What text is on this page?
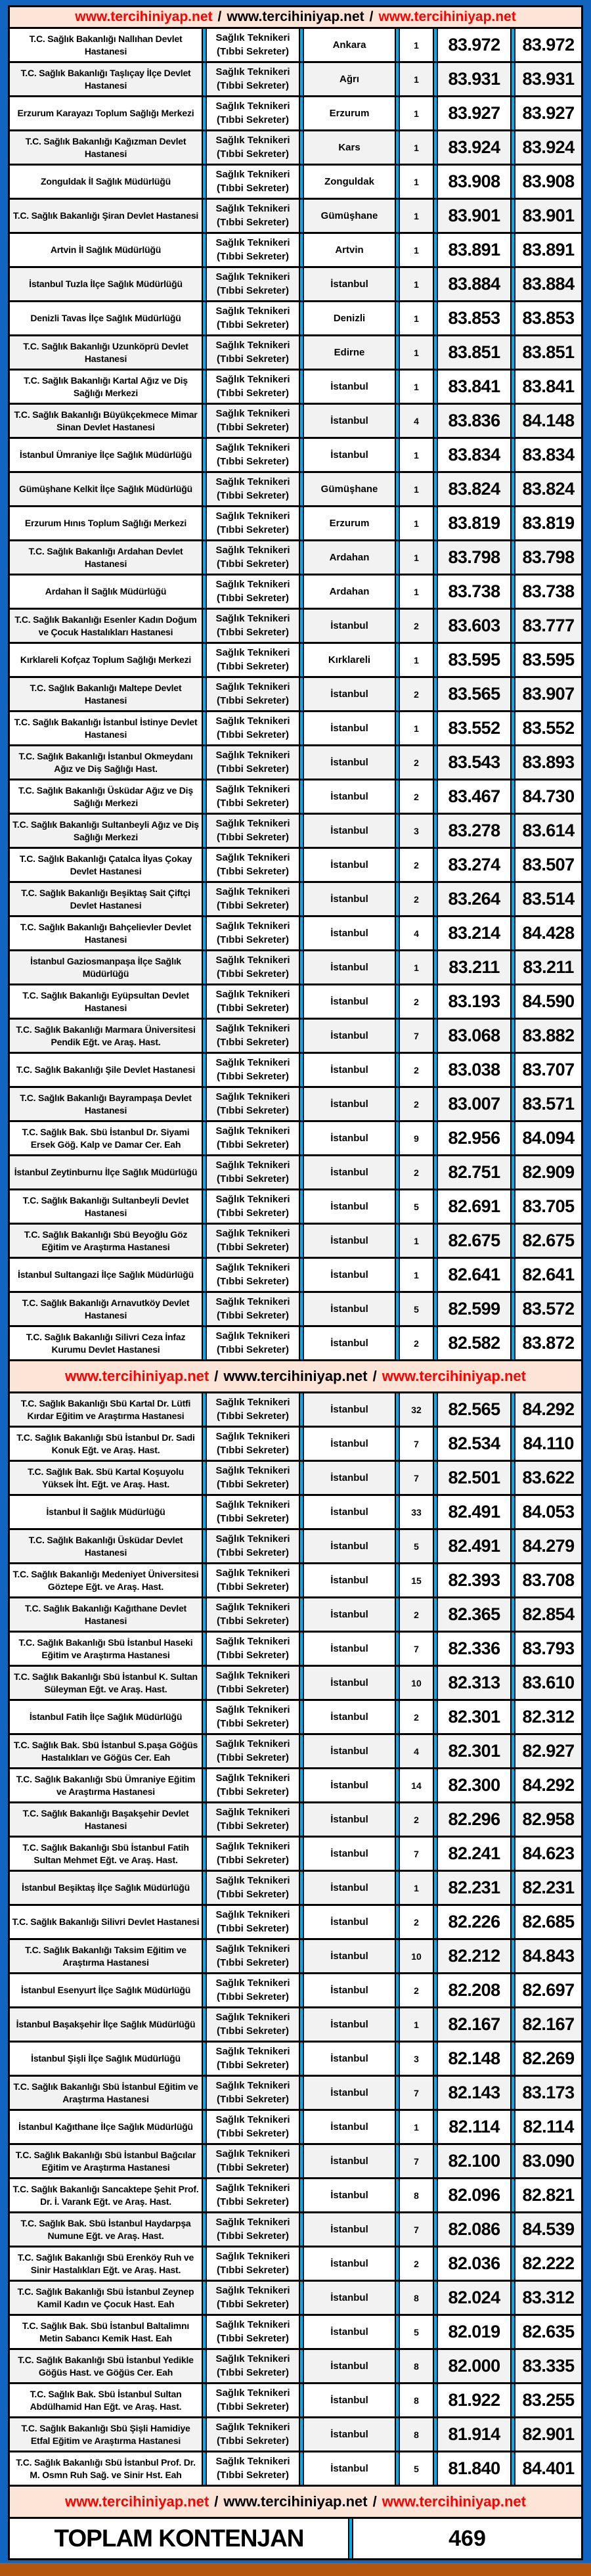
www.tercihiniyap.net / www.tercihiniyap.net / www.tercihiniyap.net
T.C. Sağlık Bakanlığı Nallıhan Devlet Hastanesi
Sağlık Teknikeri
(Tıbbi Sekreter)
Ankara	1	83.972	83.972
T.C. Sağlık Bakanlığı Taşlıçay İlçe Devlet Hastanesi
Sağlık Teknikeri
(Tıbbi Sekreter)
Ağrı	1	83.931	83.931
Erzurum Karayazı Toplum Sağlığı Merkezi
Sağlık Teknikeri
(Tıbbi Sekreter)
Erzurum	1	83.927	83.927
T.C. Sağlık Bakanlığı Kağızman Devlet Hastanesi
Sağlık Teknikeri
(Tıbbi Sekreter)
Kars	1	83.924	83.924
Zonguldak İl Sağlık Müdürlüğü
Sağlık Teknikeri
(Tıbbi Sekreter)
Zonguldak	1	83.908	83.908
T.C. Sağlık Bakanlığı Şiran Devlet Hastanesi
Sağlık Teknikeri
(Tıbbi Sekreter)
Gümüşhane	1	83.901	83.901
Artvin İl Sağlık Müdürlüğü
Sağlık Teknikeri
(Tıbbi Sekreter)
Artvin	1	83.891	83.891
İstanbul Tuzla İlçe Sağlık Müdürlüğü
Sağlık Teknikeri
(Tıbbi Sekreter)
İstanbul	1	83.884	83.884
Denizli Tavas İlçe Sağlık Müdürlüğü
Sağlık Teknikeri
(Tıbbi Sekreter)
Denizli	1	83.853	83.853
T.C. Sağlık Bakanlığı Uzunköprü Devlet Hastanesi
Sağlık Teknikeri
(Tıbbi Sekreter)
Edirne	1	83.851	83.851
T.C. Sağlık Bakanlığı Kartal Ağız ve Diş Sağlığı Merkezi
Sağlık Teknikeri
(Tıbbi Sekreter)
İstanbul	1	83.841	83.841
T.C. Sağlık Bakanlığı Büyükçekmece Mimar Sinan Devlet Hastanesi
Sağlık Teknikeri
(Tıbbi Sekreter)
İstanbul	4	83.836	84.148
İstanbul Ümraniye İlçe Sağlık Müdürlüğü
Sağlık Teknikeri
(Tıbbi Sekreter)
İstanbul	1	83.834	83.834
Gümüşhane Kelkit İlçe Sağlık Müdürlüğü
Sağlık Teknikeri
(Tıbbi Sekreter)
Gümüşhane	1	83.824	83.824
Erzurum Hınıs Toplum Sağlığı Merkezi
Sağlık Teknikeri
(Tıbbi Sekreter)
Erzurum	1	83.819	83.819
T.C. Sağlık Bakanlığı Ardahan Devlet Hastanesi
Sağlık Teknikeri
(Tıbbi Sekreter)
Ardahan	1	83.798	83.798
Ardahan İl Sağlık Müdürlüğü
Sağlık Teknikeri
(Tıbbi Sekreter)
Ardahan	1	83.738	83.738
T.C. Sağlık Bakanlığı Esenler Kadın Doğum ve Çocuk Hastalıkları Hastanesi
Sağlık Teknikeri
(Tıbbi Sekreter)
İstanbul	2	83.603	83.777
Kırklareli Kofçaz Toplum Sağlığı Merkezi
Sağlık Teknikeri
(Tıbbi Sekreter)
Kırklareli	1	83.595	83.595
T.C. Sağlık Bakanlığı Maltepe Devlet Hastanesi
Sağlık Teknikeri
(Tıbbi Sekreter)
İstanbul	2	83.565	83.907
T.C. Sağlık Bakanlığı İstanbul İstinye Devlet Hastanesi
Sağlık Teknikeri
(Tıbbi Sekreter)
İstanbul	1	83.552	83.552
T.C. Sağlık Bakanlığı İstanbul Okmeydanı Ağız ve Diş Sağlığı Hast.
Sağlık Teknikeri
(Tıbbi Sekreter)
İstanbul	2	83.543	83.893
T.C. Sağlık Bakanlığı Üsküdar Ağız ve Diş Sağlığı Merkezi
Sağlık Teknikeri
(Tıbbi Sekreter)
İstanbul	2	83.467	84.730
T.C. Sağlık Bakanlığı Sultanbeyli Ağız ve Diş Sağlığı Merkezi
Sağlık Teknikeri
(Tıbbi Sekreter)
İstanbul	3	83.278	83.614
T.C. Sağlık Bakanlığı Çatalca İlyas Çokay Devlet Hastanesi
Sağlık Teknikeri
(Tıbbi Sekreter)
İstanbul	2	83.274	83.507
T.C. Sağlık Bakanlığı Beşiktaş Sait Çiftçi Devlet Hastanesi
Sağlık Teknikeri
(Tıbbi Sekreter)
İstanbul	2	83.264	83.514
T.C. Sağlık Bakanlığı Bahçelievler Devlet Hastanesi
Sağlık Teknikeri
(Tıbbi Sekreter)
İstanbul	4	83.214	84.428
İstanbul Gaziosmanpaşa İlçe Sağlık Müdürlüğü
Sağlık Teknikeri
(Tıbbi Sekreter)
İstanbul	1	83.211	83.211
T.C. Sağlık Bakanlığı Eyüpsultan Devlet Hastanesi
Sağlık Teknikeri
(Tıbbi Sekreter)
İstanbul	2	83.193	84.590
T.C. Sağlık Bakanlığı Marmara Üniversitesi Pendik Eğt. ve Araş. Hast.
Sağlık Teknikeri
(Tıbbi Sekreter)
İstanbul	7	83.068	83.882
T.C. Sağlık Bakanlığı Şile Devlet Hastanesi
Sağlık Teknikeri
(Tıbbi Sekreter)
İstanbul	2	83.038	83.707
T.C. Sağlık Bakanlığı Bayrampaşa Devlet Hastanesi
Sağlık Teknikeri
(Tıbbi Sekreter)
İstanbul	2	83.007	83.571
T.C. Sağlık Bak. Sbü İstanbul Dr. Siyami Ersek Göğ. Kalp ve Damar Cer. Eah
Sağlık Teknikeri
(Tıbbi Sekreter)
İstanbul	9	82.956	84.094
İstanbul Zeytinburnu İlçe Sağlık Müdürlüğü
Sağlık Teknikeri
(Tıbbi Sekreter)
İstanbul	2	82.751	82.909
T.C. Sağlık Bakanlığı Sultanbeyli Devlet Hastanesi
Sağlık Teknikeri
(Tıbbi Sekreter)
İstanbul	5	82.691	83.705
T.C. Sağlık Bakanlığı Sbü Beyoğlu Göz Eğitim ve Araştırma Hastanesi
Sağlık Teknikeri
(Tıbbi Sekreter)
İstanbul	1	82.675	82.675
İstanbul Sultangazi İlçe Sağlık Müdürlüğü
Sağlık Teknikeri
(Tıbbi Sekreter)
İstanbul	1	82.641	82.641
T.C. Sağlık Bakanlığı Arnavutköy Devlet Hastanesi
Sağlık Teknikeri
(Tıbbi Sekreter)
İstanbul	5	82.599	83.572
T.C. Sağlık Bakanlığı Silivri Ceza İnfaz Kurumu Devlet Hastanesi
Sağlık Teknikeri
(Tıbbi Sekreter)
İstanbul	2	82.582	83.872
www.tercihiniyap.net / www.tercihiniyap.net / www.tercihiniyap.net
T.C. Sağlık Bakanlığı Sbü Kartal Dr. Lütfi Kırdar Eğitim ve Araştırma Hastanesi
Sağlık Teknikeri
(Tıbbi Sekreter)
İstanbul	32	82.565	84.292
T.C. Sağlık Bakanlığı Sbü İstanbul Dr. Sadi Konuk Eğt. ve Araş. Hast.
Sağlık Teknikeri
(Tıbbi Sekreter)
İstanbul	7	82.534	84.110
T.C. Sağlık Bak. Sbü Kartal Koşuyolu Yüksek İht. Eğt. ve Araş. Hast.
Sağlık Teknikeri
(Tıbbi Sekreter)
İstanbul	7	82.501	83.622
İstanbul İl Sağlık Müdürlüğü
Sağlık Teknikeri
(Tıbbi Sekreter)
İstanbul	33	82.491	84.053
T.C. Sağlık Bakanlığı Üsküdar Devlet Hastanesi
Sağlık Teknikeri
(Tıbbi Sekreter)
İstanbul	5	82.491	84.279
T.C. Sağlık Bakanlığı Medeniyet Üniversitesi Göztepe Eğt. ve Araş. Hast.
Sağlık Teknikeri
(Tıbbi Sekreter)
İstanbul	15	82.393	83.708
T.C. Sağlık Bakanlığı Kağıthane Devlet Hastanesi
Sağlık Teknikeri
(Tıbbi Sekreter)
İstanbul	2	82.365	82.854
T.C. Sağlık Bakanlığı Sbü İstanbul Haseki Eğitim ve Araştırma Hastanesi
Sağlık Teknikeri
(Tıbbi Sekreter)
İstanbul	7	82.336	83.793
T.C. Sağlık Bakanlığı Sbü İstanbul K. Sultan Süleyman Eğt. ve Araş. Hast.
Sağlık Teknikeri
(Tıbbi Sekreter)
İstanbul	10	82.313	83.610
İstanbul Fatih İlçe Sağlık Müdürlüğü
Sağlık Teknikeri
(Tıbbi Sekreter)
İstanbul	2	82.301	82.312
T.C. Sağlık Bak. Sbü İstanbul S.paşa Göğüs Hastalıkları ve Göğüs Cer. Eah
Sağlık Teknikeri
(Tıbbi Sekreter)
İstanbul	4	82.301	82.927
T.C. Sağlık Bakanlığı Sbü Ümraniye Eğitim ve Araştırma Hastanesi
Sağlık Teknikeri
(Tıbbi Sekreter)
İstanbul	14	82.300	84.292
T.C. Sağlık Bakanlığı Başakşehir Devlet Hastanesi
Sağlık Teknikeri
(Tıbbi Sekreter)
İstanbul	2	82.296	82.958
T.C. Sağlık Bakanlığı Sbü İstanbul Fatih Sultan Mehmet Eğt. ve Araş. Hast.
Sağlık Teknikeri
(Tıbbi Sekreter)
İstanbul	7	82.241	84.623
İstanbul Beşiktaş İlçe Sağlık Müdürlüğü
Sağlık Teknikeri
(Tıbbi Sekreter)
İstanbul	1	82.231	82.231
T.C. Sağlık Bakanlığı Silivri Devlet Hastanesi
Sağlık Teknikeri
(Tıbbi Sekreter)
İstanbul	2	82.226	82.685
T.C. Sağlık Bakanlığı Taksim Eğitim ve Araştırma Hastanesi
Sağlık Teknikeri
(Tıbbi Sekreter)
İstanbul	10	82.212	84.843
İstanbul Esenyurt İlçe Sağlık Müdürlüğü
Sağlık Teknikeri
(Tıbbi Sekreter)
İstanbul	2	82.208	82.697
İstanbul Başakşehir İlçe Sağlık Müdürlüğü
Sağlık Teknikeri
(Tıbbi Sekreter)
İstanbul	1	82.167	82.167
İstanbul Şişli İlçe Sağlık Müdürlüğü
Sağlık Teknikeri
(Tıbbi Sekreter)
İstanbul	3	82.148	82.269
T.C. Sağlık Bakanlığı Sbü İstanbul Eğitim ve Araştırma Hastanesi
Sağlık Teknikeri
(Tıbbi Sekreter)
İstanbul	7	82.143	83.173
İstanbul Kağıthane İlçe Sağlık Müdürlüğü
Sağlık Teknikeri
(Tıbbi Sekreter)
İstanbul	1	82.114	82.114
T.C. Sağlık Bakanlığı Sbü İstanbul Bağcılar Eğitim ve Araştırma Hastanesi
Sağlık Teknikeri
(Tıbbi Sekreter)
İstanbul	7	82.100	83.090
T.C. Sağlık Bakanlığı Sancaktepe Şehit Prof. Dr. İ. Varank Eğt. ve Araş. Hast.
Sağlık Teknikeri
(Tıbbi Sekreter)
İstanbul	8	82.096	82.821
T.C. Sağlık Bak. Sbü İstanbul Haydarpşa Numune Eğt. ve Araş. Hast.
Sağlık Teknikeri
(Tıbbi Sekreter)
İstanbul	7	82.086	84.539
T.C. Sağlık Bakanlığı Sbü Erenköy Ruh ve Sinir Hastalıkları Eğt. ve Araş. Hast.
Sağlık Teknikeri
(Tıbbi Sekreter)
İstanbul	2	82.036	82.222
T.C. Sağlık Bakanlığı Sbü İstanbul Zeynep Kamil Kadın ve Çocuk Hast. Eah
Sağlık Teknikeri
(Tıbbi Sekreter)
İstanbul	8	82.024	83.312
T.C. Sağlık Bak. Sbü İstanbul Baltalimnı Metin Sabancı Kemik Hast. Eah
Sağlık Teknikeri
(Tıbbi Sekreter)
İstanbul	5	82.019	82.635
T.C. Sağlık Bakanlığı Sbü İstanbul Yedikle Göğüs Hast. ve Göğüs Cer. Eah
Sağlık Teknikeri
(Tıbbi Sekreter)
İstanbul	8	82.000	83.335
T.C. Sağlık Bak. Sbü İstanbul Sultan Abdülhamid Han Eğt. ve Araş. Hast.
Sağlık Teknikeri
(Tıbbi Sekreter)
İstanbul	8	81.922	83.255
T.C. Sağlık Bakanlığı Sbü Şişli Hamidiye Etfal Eğitim ve Araştırma Hastanesi
Sağlık Teknikeri
(Tıbbi Sekreter)
İstanbul	8	81.914	82.901
T.C. Sağlık Bakanlığı Sbü İstanbul Prof. Dr. M. Osmn Ruh Sağ. ve Sinir Hst. Eah
Sağlık Teknikeri
(Tıbbi Sekreter)
İstanbul	5	81.840	84.401
www.tercihiniyap.net / www.tercihiniyap.net / www.tercihiniyap.net
TOPLAM KONTENJAN	469
